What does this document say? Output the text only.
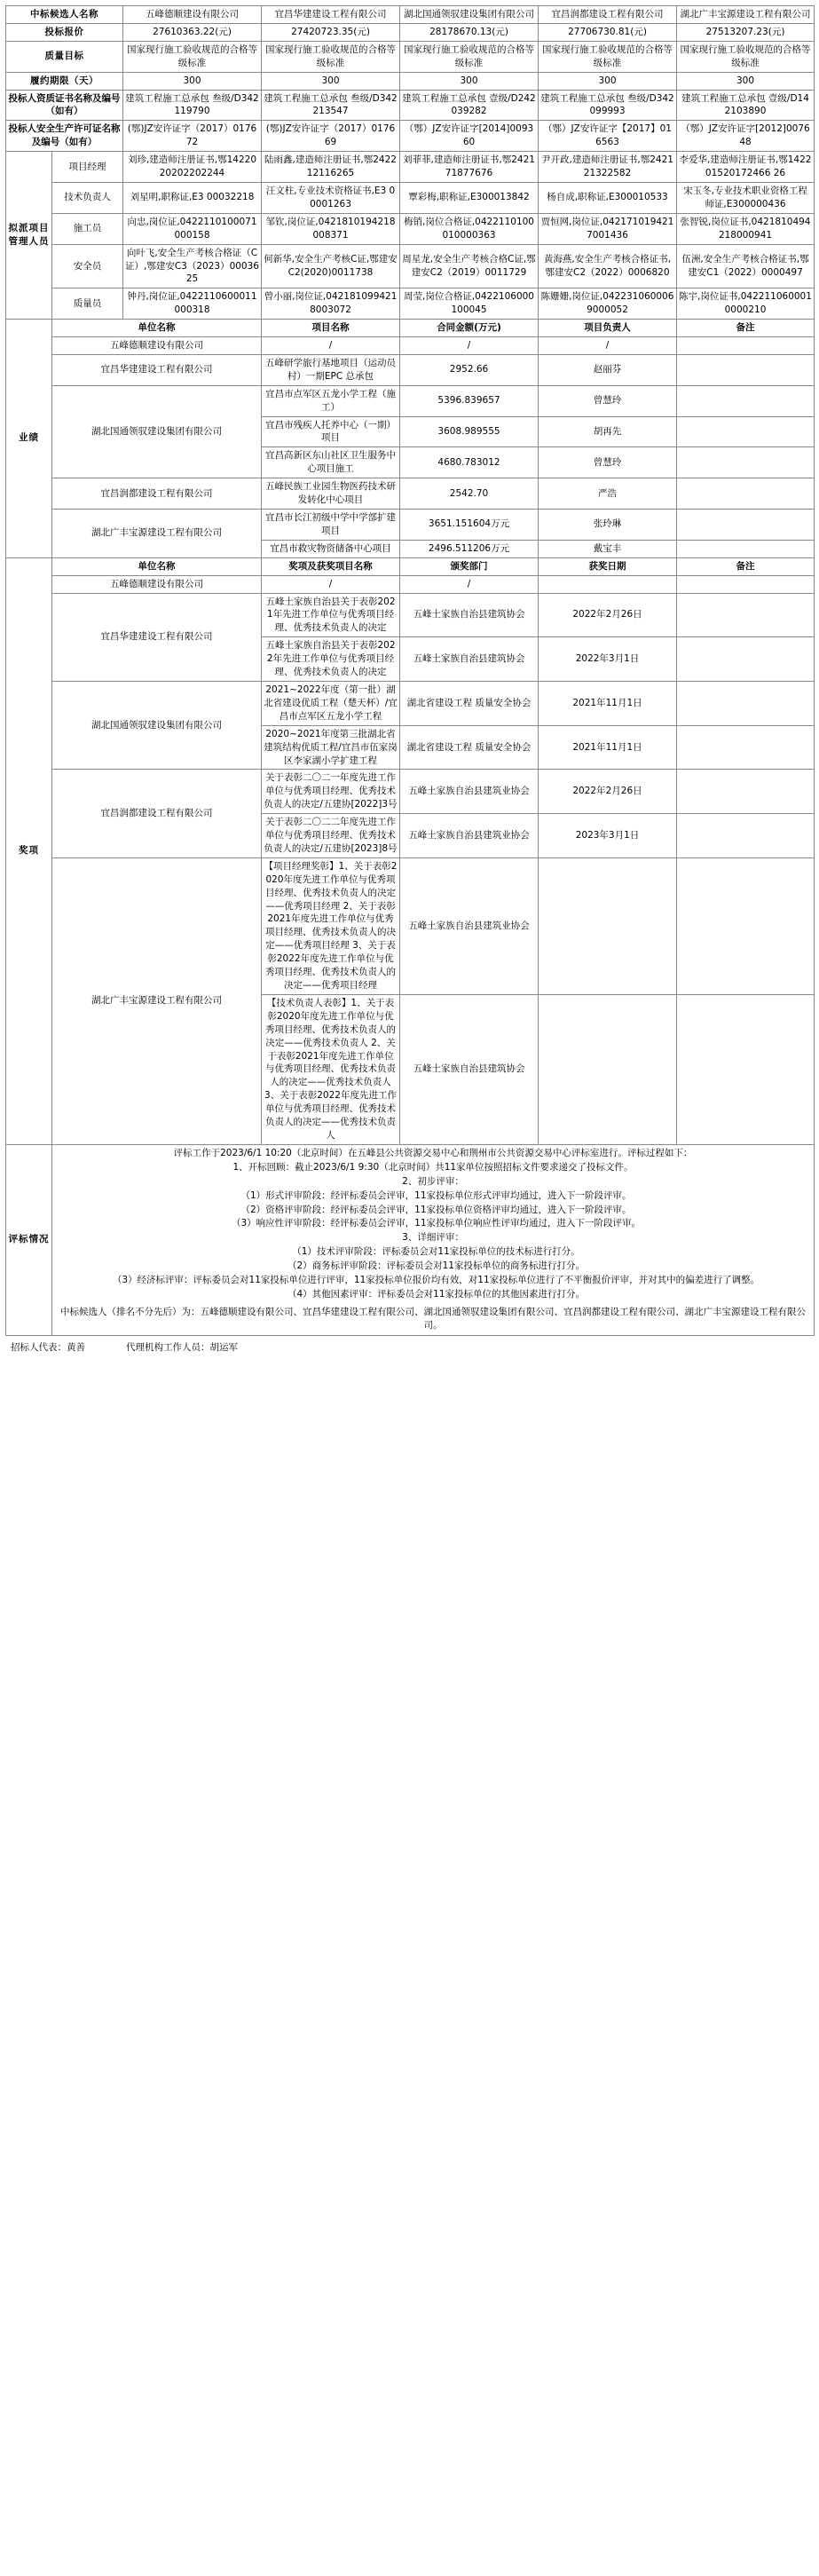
中标候选人名称		五峰德顺建设有限公司	宜昌华建建设工程有限公司	湖北国通领驭建设集团有限公司	宜昌润都建设工程有限公司	湖北广丰宝源建设工程有限公司
投标报价		27610363.22(元)	27420723.35(元)	28178670.13(元)	27706730.81(元)	27513207.23(元)
质量目标		国家现行施工验收规范的合格等级标准	国家现行施工验收规范的合格等级标准	国家现行施工验收规范的合格等级标准	国家现行施工验收规范的合格等级标准	国家现行施工验收规范的合格等级标准
履约期限（天）		300	300	300	300	300
投标人资质证书名称及编号（如有）		建筑工程施工总承包 叁级/D342119790	建筑工程施工总承包 叁级/D342213547	建筑工程施工总承包 壹级/D242039282	建筑工程施工总承包 叁级/D342099993	建筑工程施工总承包 壹级/D142103890
投标人安全生产许可证名称及编号（如有）		(鄂)JZ安许证字（2017）017672	(鄂)JZ安许证字（2017）017669	（鄂）JZ安许证字[2014]009360	（鄂）JZ安许证字【2017】016563	（鄂）JZ安许证字[2012]007648
拟派项目管理人员	项目经理	刘珍,建造师注册证书,鄂1422020202202244	陆雨鑫,建造师注册证书,鄂242212116265	刘菲菲,建造师注册证书,鄂242171877676	尹开政,建造师注册证书,鄂242121322582	李爱华,建造师注册证书,鄂142201520172466 26
	技术负责人	刘星明,职称证,E3 00032218	汪文柱,专业技术资格证书,E3 00001263	覃彩梅,职称证,E300013842	杨自成,职称证,E300010533	宋玉冬,专业技术职业资格工程师证,E300000436
	施工员	向忠,岗位证,0422110100071000158	邹钦,岗位证,0421810194218008371	梅销,岗位合格证,0422110100010000363	贾恒网,岗位证,0421710194217001436	张智锐,岗位证书,0421810494218000941
	安全员	向叶飞,安全生产考核合格证（C证）,鄂建安C3（2023）0003625	何新华,安全生产考核C证,鄂建安C2(2020)0011738	周星龙,安全生产考核合格C证,鄂建安C2（2019）0011729	黄海燕,安全生产考核合格证书,鄂建安C2（2022）0006820	伍洲,安全生产考核合格证书,鄂建安C1（2022）0000497
	质量员	钟丹,岗位证,0422110600011000318	曾小丽,岗位证,0421810994218003072	周莹,岗位合格证,0422106000100045	陈姗姗,岗位证,0422310600069000052	陈宇,岗位证书,0422110600010000210
业绩	单位名称		项目名称	合同金额(万元)	项目负责人	备注
	五峰德顺建设有限公司		/	/	/	
	宜昌华建建设工程有限公司		五峰研学旅行基地项目（运动员村）一期EPC 总承包	2952.66	赵丽芬	
	湖北国通领驭建设集团有限公司		宜昌市点军区五龙小学工程（施工）	5396.839657	曾慧玲	
			宜昌市残疾人托养中心（一期）项目	3608.989555	胡再先	
			宜昌高新区东山社区卫生服务中心项目施工	4680.783012	曾慧玲	
	宜昌润都建设工程有限公司		五峰民族工业园生物医药技术研发转化中心项目	2542.70	严浩	
	湖北广丰宝源建设工程有限公司		宜昌市长江初级中学中学部扩建项目	3651.151604万元	张玲琳	
			宜昌市救灾物资储备中心项目	2496.511206万元	戴宝丰	
奖项	单位名称		奖项及获奖项目名称	颁奖部门	获奖日期	备注
	五峰德顺建设有限公司		/	/		
	宜昌华建建设工程有限公司		五峰土家族自治县关于表彰2021年先进工作单位与优秀项目经理、优秀技术负责人的决定	五峰土家族自治县建筑协会	2022年2月26日	
			五峰土家族自治县关于表彰2022年先进工作单位与优秀项目经理、优秀技术负责人的决定	五峰土家族自治县建筑协会	2022年3月1日	
	湖北国通领驭建设集团有限公司		2021~2022年度（第一批）湖北省建设优质工程（楚天杯）/宜昌市点军区五龙小学工程	湖北省建设工程 质量安全协会	2021年11月1日	
			2020~2021年度第三批湖北省建筑结构优质工程/宜昌市伍家岗区李家湖小学扩建工程	湖北省建设工程 质量安全协会	2021年11月1日	
	宜昌润都建设工程有限公司		关于表彰二〇二一年度先进工作单位与优秀项目经理、优秀技术负责人的决定/五建协[2022]3号	五峰土家族自治县建筑业协会	2022年2月26日	
			关于表彰二〇二二年度先进工作单位与优秀项目经理、优秀技术负责人的决定/五建协[2023]8号	五峰土家族自治县建筑业协会	2023年3月1日	
	湖北广丰宝源建设工程有限公司		【项目经理奖彰】1、关于表彰2020年度先进工作单位与优秀项目经理、优秀技术负责人的决定——优秀项目经理 2、关于表彰2021年度先进工作单位与优秀项目经理、优秀技术负责人的决定——优秀项目经理 3、关于表彰2022年度先进工作单位与优秀项目经理、优秀技术负责人的决定——优秀项目经理	五峰土家族自治县建筑业协会		
			【技术负责人表彰】1、关于表彰2020年度先进工作单位与优秀项目经理、优秀技术负责人的决定——优秀技术负责人 2、关于表彰2021年度先进工作单位与优秀项目经理、优秀技术负责人的决定——优秀技术负责人 3、关于表彰2022年度先进工作单位与优秀项目经理、优秀技术负责人的决定——优秀技术负责人	五峰土家族自治县建筑协会		
评标情况	

评标工作于2023/6/1 10:20（北京时间）在五峰县公共资源交易中心和荆州市公共资源交易中心评标室进行。评标过程如下：

1、开标回顾：截止2023/6/1 9:30（北京时间）共11家单位按照招标文件要求递交了投标文件。

2、初步评审：

（1）形式评审阶段：经评标委员会评审，11家投标单位形式评审均通过，进入下一阶段评审。

（2）资格评审阶段：经评标委员会评审，11家投标单位资格评审均通过，进入下一阶段评审。

（3）响应性评审阶段：经评标委员会评审，11家投标单位响应性评审均通过，进入下一阶段评审。

3、详细评审：

（1）技术评审阶段：评标委员会对11家投标单位的技术标进行打分。

（2）商务标评审阶段：评标委员会对11家投标单位的商务标进行打分。

（3）经济标评审：评标委员会对11家投标单位进行评审，11家投标单位报价均有效，对11家投标单位进行了不平衡报价评审，并对其中的偏差进行了调整。

（4）其他因素评审：评标委员会对11家投标单位的其他因素进行打分。

中标候选人（排名不分先后）为：五峰德顺建设有限公司、宜昌华建建设工程有限公司、湖北国通领驭建设集团有限公司、宜昌润都建设工程有限公司、湖北广丰宝源建设工程有限公司。

招标人代表：黄善	代理机构工作人员：胡运军
